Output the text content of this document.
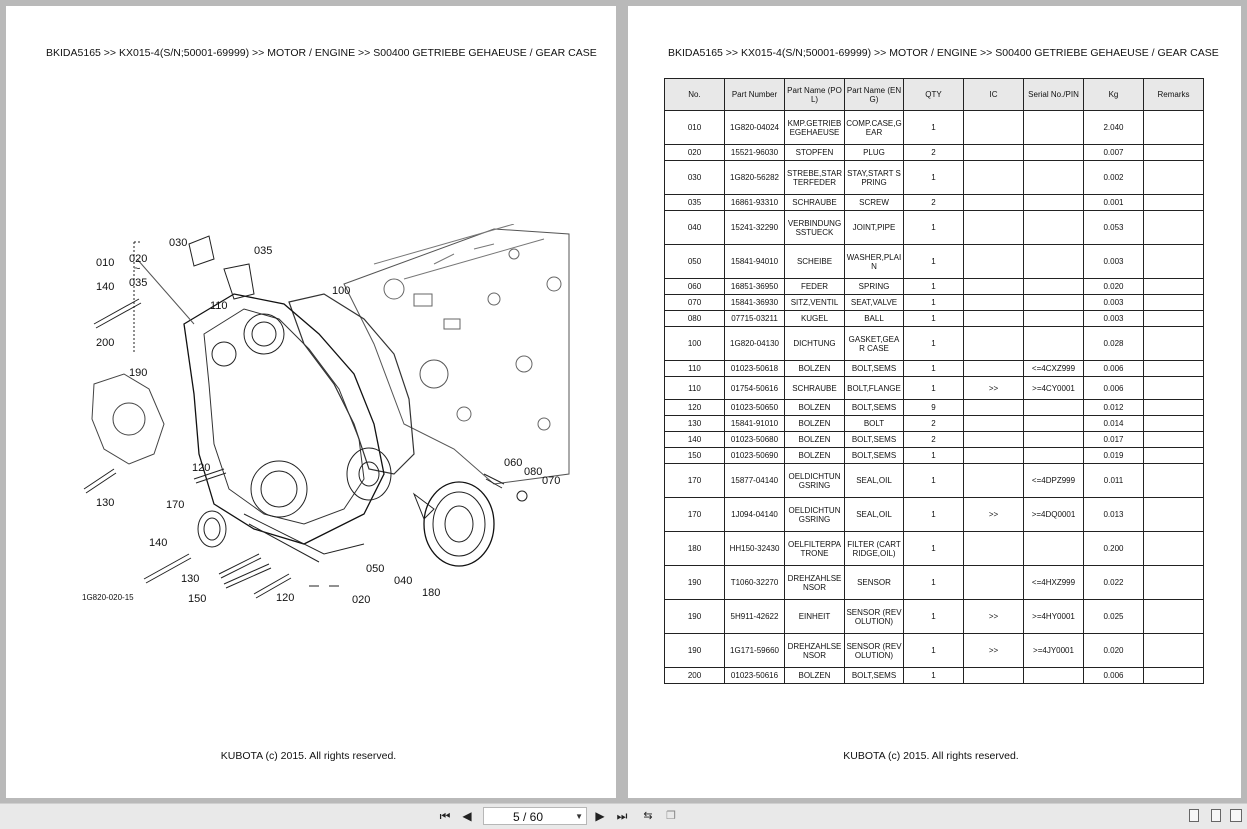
BKIDA5165 >> KX015-4(S/N;50001-69999) >> MOTOR / ENGINE >> S00400 GETRIEBE GEHAEUSE / GEAR CASE
030
035
010 020
~
035
140
110
100
200
190
060
080
070
120
130	170
140
130
150
050
040
120	020
180
1G820-020-15
KUBOTA (c) 2015. All rights reserved.
BKIDA5165 >> KX015-4(S/N;50001-69999) >> MOTOR / ENGINE >> S00400 GETRIEBE GEHAEUSE / GEAR CASE
No.	Part Number	Part Name (POL)	Part Name (ENG)	QTY	IC	Serial No./PIN	Kg	Remarks
010	1G820-04024	KMP.GETRIEBEGEHAEUSE	COMP.CASE,GEAR	1			2.040	
020	15521-96030	STOPFEN	PLUG	2			0.007	
030	1G820-56282	STREBE,STARTERFEDER	STAY,START SPRING	1			0.002	
035	16861-93310	SCHRAUBE	SCREW	2			0.001	
040	15241-32290	VERBINDUNGSSTUECK	JOINT,PIPE	1			0.053	
050	15841-94010	SCHEIBE	WASHER,PLAIN	1			0.003	
060	16851-36950	FEDER	SPRING	1			0.020	
070	15841-36930	SITZ,VENTIL	SEAT,VALVE	1			0.003	
080	07715-03211	KUGEL	BALL	1			0.003	
100	1G820-04130	DICHTUNG	GASKET,GEAR CASE	1			0.028	
110	01023-50618	BOLZEN	BOLT,SEMS	1		<=4CXZ999	0.006	
110	01754-50616	SCHRAUBE	BOLT,FLANGE	1	>>	>=4CY0001	0.006	
120	01023-50650	BOLZEN	BOLT,SEMS	9			0.012	
130	15841-91010	BOLZEN	BOLT	2			0.014	
140	01023-50680	BOLZEN	BOLT,SEMS	2			0.017	
150	01023-50690	BOLZEN	BOLT,SEMS	1			0.019	
170	15877-04140	OELDICHTUNGSRING	SEAL,OIL	1		<=4DPZ999	0.011	
170	1J094-04140	OELDICHTUNGSRING	SEAL,OIL	1	>>	>=4DQ0001	0.013	
180	HH150-32430	OELFILTERPATRONE	FILTER (CARTRIDGE,OIL)	1			0.200	
190	T1060-32270	DREHZAHLSENSOR	SENSOR	1		<=4HXZ999	0.022	
190	5H911-42622	EINHEIT	SENSOR (REVOLUTION)	1	>>	>=4HY0001	0.025	
190	1G171-59660	DREHZAHLSENSOR	SENSOR (REVOLUTION)	1	>>	>=4JY0001	0.020	
200	01023-50616	BOLZEN	BOLT,SEMS	1			0.006	
KUBOTA (c) 2015. All rights reserved.
⏮ ◀	5 / 60	▼ ▶ ⏭ ⇆ ❐
